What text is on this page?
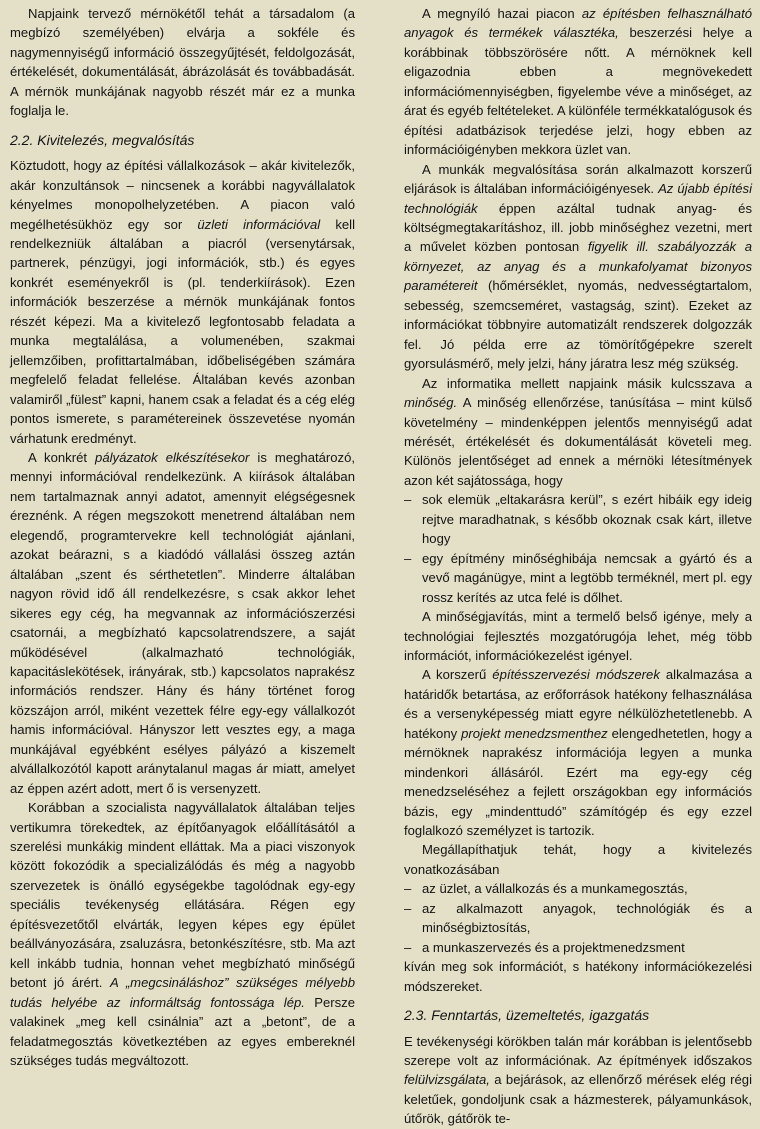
Napjaink tervező mérnökétől tehát a társadalom (a megbízó személyében) elvárja a sokféle és nagymennyiségű információ összegyűjtését, feldolgozását, értékelését, dokumentálását, ábrázolását és továbbadását. A mérnök munkájának nagyobb részét már ez a munka foglalja le.

2.2. Kivitelezés, megvalósítás

Köztudott, hogy az építési vállalkozások – akár kivitelezők, akár konzultánsok – nincsenek a korábbi nagyvállalatok kényelmes monopolhelyzetében. A piacon való megélhetésükhöz egy sor üzleti információval kell rendelkezniük általában a piacról (versenytársak, partnerek, pénzügyi, jogi információk, stb.) és egyes konkrét eseményekről is (pl. tenderkiírások). Ezen információk beszerzése a mérnök munkájának fontos részét képezi. Ma a kivitelező legfontosabb feladata a munka megtalálása, a volumenében, szakmai jellemzőiben, profittartalmában, időbeliségében számára megfelelő feladat fellelése. Általában kevés azonban valamiről „fülest” kapni, hanem csak a feladat és a cég elég pontos ismerete, s paramétereinek összevetése nyomán várhatunk eredményt.

A konkrét pályázatok elkészítésekor is meghatározó, mennyi információval rendelkezünk. A kiírások általában nem tartalmaznak annyi adatot, amennyit elégségesnek éreznénk. A régen megszokott menetrend általában nem elegendő, programtervekre kell technológiát ajánlani, azokat beárazni, s a kiadódó vállalási összeg aztán általában „szent és sérthetetlen”. Minderre általában nagyon rövid idő áll rendelkezésre, s csak akkor lehet sikeres egy cég, ha megvannak az információszerzési csatornái, a megbízható kapcsolatrendszere, a saját működésével (alkalmazható technológiák, kapacitáslekötések, irányárak, stb.) kapcsolatos naprakész információs rendszer. Hány és hány történet forog közszájon arról, miként vezettek félre egy-egy vállalkozót hamis információval. Hányszor lett vesztes egy, a maga munkájával egyébként esélyes pályázó a kiszemelt alvállalkozótól kapott aránytalanul magas ár miatt, amelyet az éppen azért adott, mert ő is versenyzett.

Korábban a szocialista nagyvállalatok általában teljes vertikumra törekedtek, az építőanyagok előállításától a szerelési munkákig mindent elláttak. Ma a piaci viszonyok között fokozódik a specializálódás és még a nagyobb szervezetek is önálló egységekbe tagolódnak egy-egy speciális tevékenység ellátására. Régen egy építésvezetőtől elvárták, legyen képes egy épület beállványozására, zsaluzásra, betonkészítésre, stb. Ma azt kell inkább tudnia, honnan vehet megbízható minőségű betont jó árért. A „megcsináláshoz” szükséges mélyebb tudás helyébe az informáltság fontossága lép. Persze valakinek „meg kell csinálnia” azt a „betont”, de a feladatmegosztás következtében az egyes embereknél szükséges tudás megváltozott.

A megnyíló hazai piacon az építésben felhasználható anyagok és termékek választéka, beszerzési helye a korábbinak többszörösére nőtt. A mérnöknek kell eligazodnia ebben a megnövekedett információmennyiségben, figyelembe véve a minőséget, az árat és egyéb feltételeket. A különféle termékkatalógusok és építési adatbázisok terjedése jelzi, hogy ebben az információigényben mekkora üzlet van.

A munkák megvalósítása során alkalmazott korszerű eljárások is általában információigényesek. Az újabb építési technológiák éppen azáltal tudnak anyag- és költségmegtakarításhoz, ill. jobb minőséghez vezetni, mert a művelet közben pontosan figyelik ill. szabályozzák a környezet, az anyag és a munkafolyamat bizonyos paramétereit (hőmérséklet, nyomás, nedvességtartalom, sebesség, szemcseméret, vastagság, szint). Ezeket az információkat többnyire automatizált rendszerek dolgozzák fel. Jó példa erre az tömörítőgépekre szerelt gyorsulásmérő, mely jelzi, hány járatra lesz még szükség.

Az informatika mellett napjaink másik kulcsszava a minőség. A minőség ellenőrzése, tanúsítása – mint külső követelmény – mindenképpen jelentős mennyiségű adat mérését, értékelését és dokumentálását követeli meg. Különös jelentőséget ad ennek a mérnöki létesítmények azon két sajátossága, hogy

– sok elemük „eltakarásra kerül”, s ezért hibáik egy ideig rejtve maradhatnak, s később okoznak csak kárt, illetve hogy
– egy építmény minőséghibája nemcsak a gyártó és a vevő magánügye, mint a legtöbb terméknél, mert pl. egy rossz kerítés az utca felé is dőlhet.

A minőségjavítás, mint a termelő belső igénye, mely a technológiai fejlesztés mozgatórugója lehet, még több információt, információkezelést igényel.

A korszerű építésszervezési módszerek alkalmazása a határidők betartása, az erőforrások hatékony felhasználása és a versenyképesség miatt egyre nélkülözhetetlenebb. A hatékony projekt menedzsmenthez elengedhetetlen, hogy a mérnöknek naprakész információja legyen a munka mindenkori állásáról. Ezért ma egy-egy cég menedzseléséhez a fejlett országokban egy információs bázis, egy „mindenttudó” számítógép és egy ezzel foglalkozó személyzet is tartozik.

Megállapíthatjuk tehát, hogy a kivitelezés vonatkozásában

– az üzlet, a vállalkozás és a munkamegosztás,
– az alkalmazott anyagok, technológiák és a minőségbiztosítás,
– a munkaszervezés és a projektmenedzsment

kíván meg sok információt, s hatékony információkezelési módszereket.

2.3. Fenntartás, üzemeltetés, igazgatás

E tevékenységi körökben talán már korábban is jelentősebb szerepe volt az információnak. Az építmények időszakos felülvizsgálata, a bejárások, az ellenőrző mérések elég régi keletűek, gondoljunk csak a házmesterek, pályamunkások, útőrök, gátőrök te-
